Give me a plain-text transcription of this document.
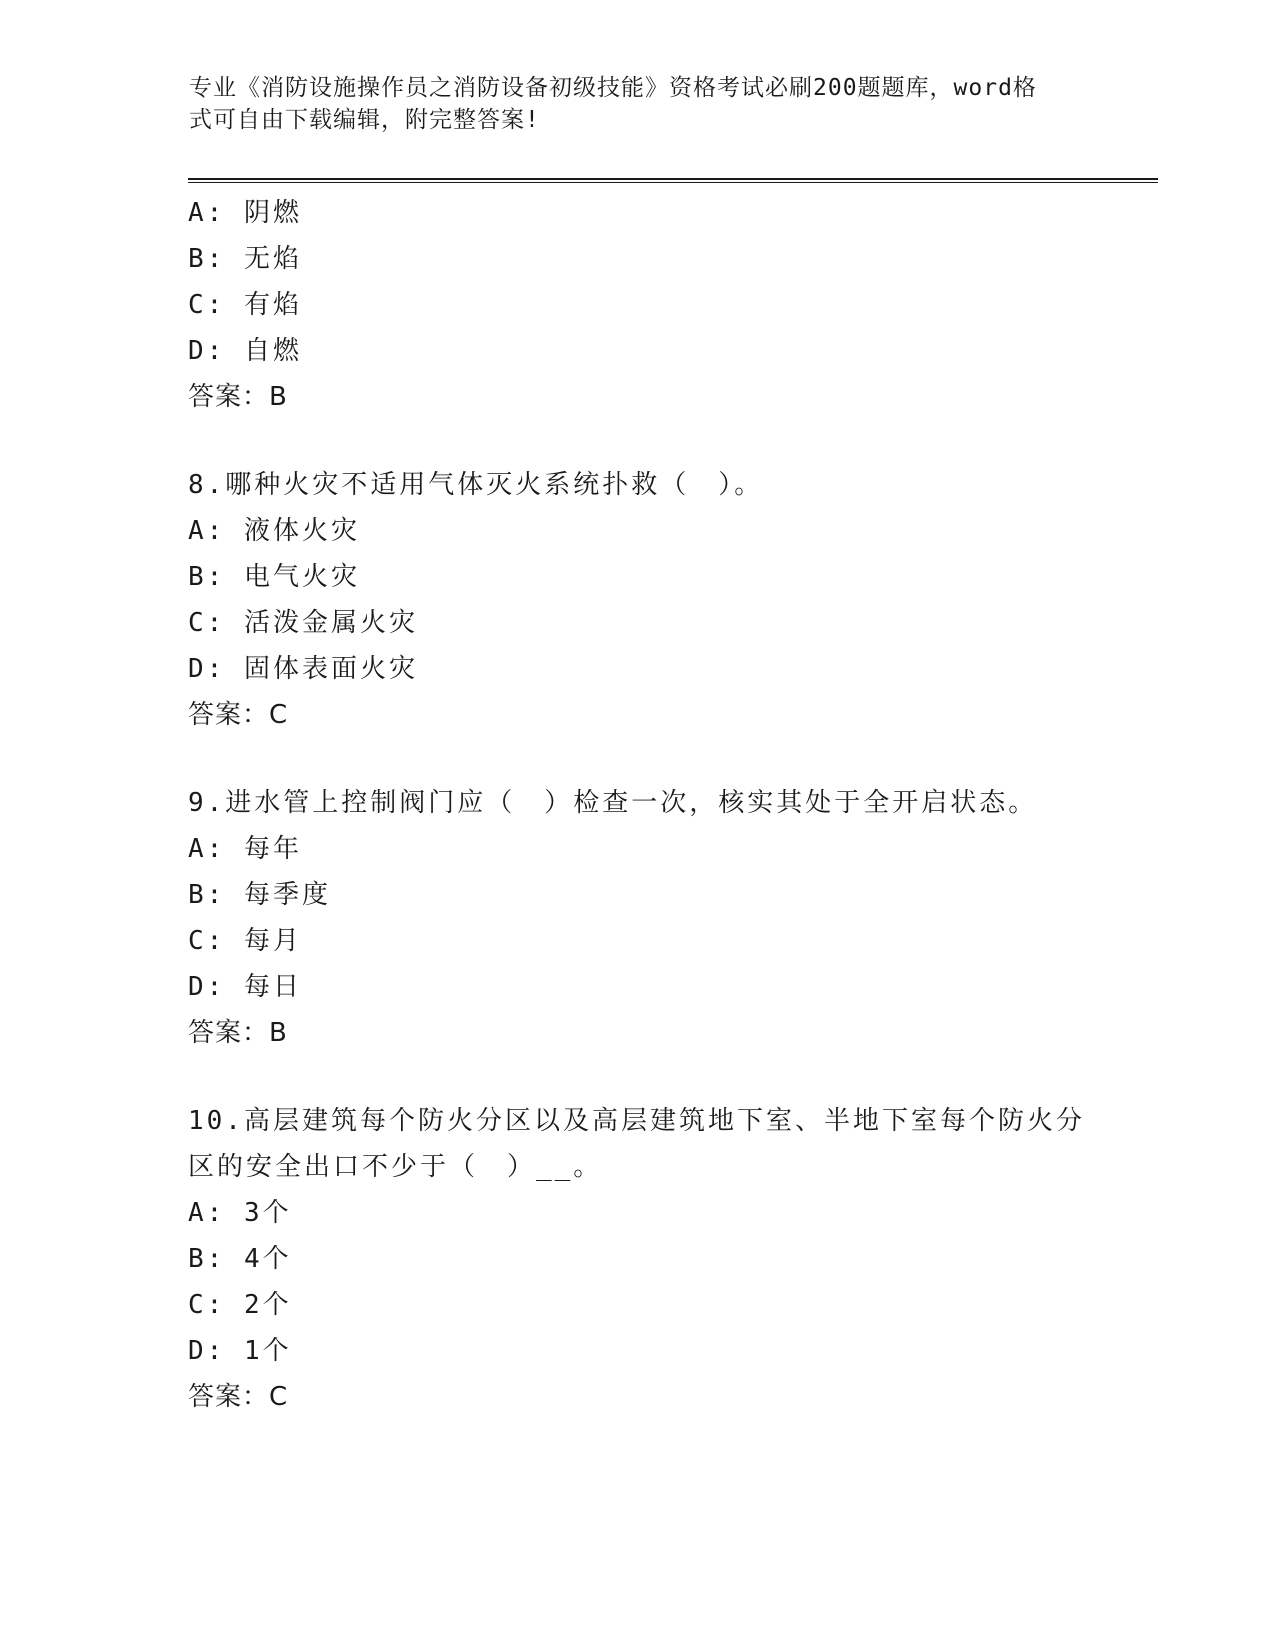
专业《消防设施操作员之消防设备初级技能》资格考试必刷200题题库，word格
式可自由下载编辑，附完整答案!
A: 阴燃
B: 无焰
C: 有焰
D: 自燃
答案：B
8.哪种火灾不适用气体灭火系统扑救（　）。
A: 液体火灾
B: 电气火灾
C: 活泼金属火灾
D: 固体表面火灾
答案：C
9.进水管上控制阀门应（　）检查一次，核实其处于全开启状态。
A: 每年
B: 每季度
C: 每月
D: 每日
答案：B
10.高层建筑每个防火分区以及高层建筑地下室、半地下室每个防火分
区的安全出口不少于（　）__。
A: 3个
B: 4个
C: 2个
D: 1个
答案：C
